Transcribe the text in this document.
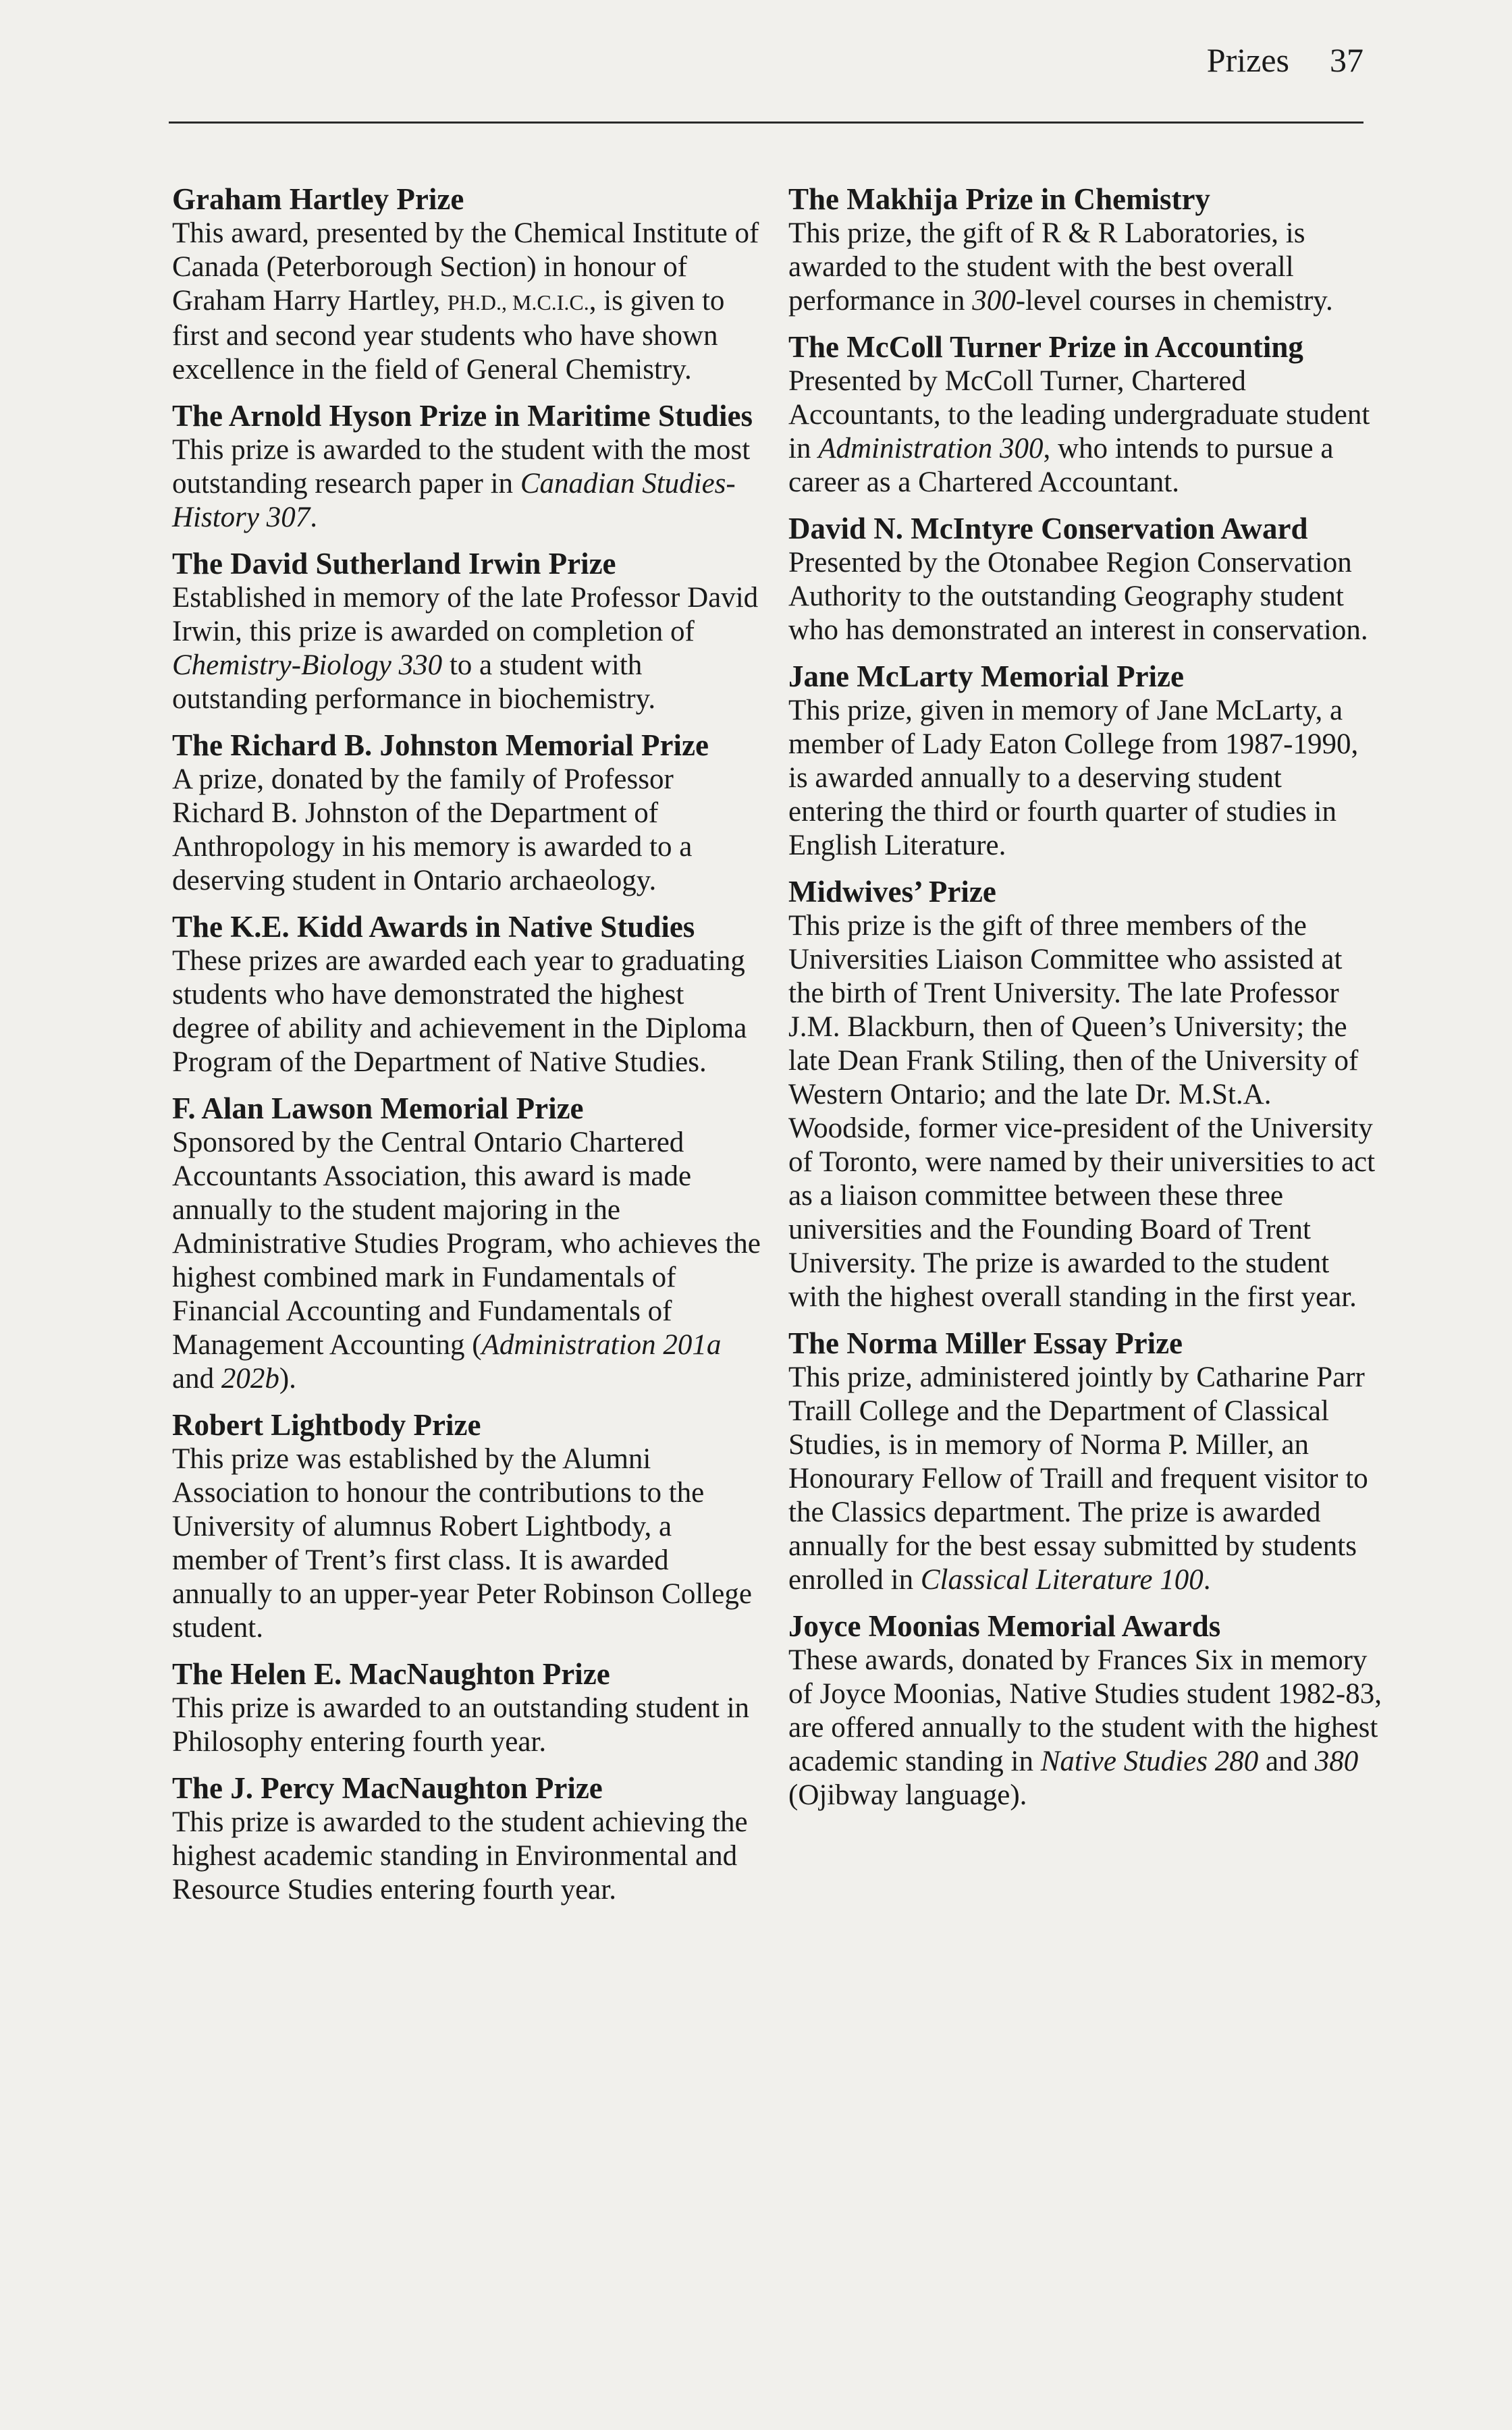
Prizes 37
Graham Hartley Prize

This award, presented by the Chemical Institute of Canada (Peterborough Section) in honour of Graham Harry Hartley, PH.D., M.C.I.C., is given to first and second year students who have shown excellence in the field of General Chemistry.

The Arnold Hyson Prize in Maritime Studies

This prize is awarded to the student with the most outstanding research paper in Canadian Studies-History 307.

The David Sutherland Irwin Prize

Established in memory of the late Professor David Irwin, this prize is awarded on completion of Chemistry-Biology 330 to a student with outstanding performance in biochemistry.

The Richard B. Johnston Memorial Prize

A prize, donated by the family of Professor Richard B. Johnston of the Department of Anthropology in his memory is awarded to a deserving student in Ontario archaeology.

The K.E. Kidd Awards in Native Studies

These prizes are awarded each year to graduating students who have demonstrated the highest degree of ability and achievement in the Diploma Program of the Department of Native Studies.

F. Alan Lawson Memorial Prize

Sponsored by the Central Ontario Chartered Accountants Association, this award is made annually to the student majoring in the Administrative Studies Program, who achieves the highest combined mark in Fundamentals of Financial Accounting and Fundamentals of Management Accounting (Administration 201a and 202b).

Robert Lightbody Prize

This prize was established by the Alumni Association to honour the contributions to the University of alumnus Robert Lightbody, a member of Trent’s first class. It is awarded annually to an upper-year Peter Robinson College student.

The Helen E. MacNaughton Prize

This prize is awarded to an outstanding student in Philosophy entering fourth year.

The J. Percy MacNaughton Prize

This prize is awarded to the student achieving the highest academic standing in Environmental and Resource Studies entering fourth year.

The Makhija Prize in Chemistry

This prize, the gift of R & R Laboratories, is awarded to the student with the best overall performance in 300-level courses in chemistry.

The McColl Turner Prize in Accounting

Presented by McColl Turner, Chartered Accountants, to the leading undergraduate student in Administration 300, who intends to pursue a career as a Chartered Accountant.

David N. McIntyre Conservation Award

Presented by the Otonabee Region Conservation Authority to the outstanding Geography student who has demonstrated an interest in conservation.

Jane McLarty Memorial Prize

This prize, given in memory of Jane McLarty, a member of Lady Eaton College from 1987-1990, is awarded annually to a deserving student entering the third or fourth quarter of studies in English Literature.

Midwives’ Prize

This prize is the gift of three members of the Universities Liaison Committee who assisted at the birth of Trent University. The late Professor J.M. Blackburn, then of Queen’s University; the late Dean Frank Stiling, then of the University of Western Ontario; and the late Dr. M.St.A. Woodside, former vice-president of the University of Toronto, were named by their universities to act as a liaison committee between these three universities and the Founding Board of Trent University. The prize is awarded to the student with the highest overall standing in the first year.

The Norma Miller Essay Prize

This prize, administered jointly by Catharine Parr Traill College and the Department of Classical Studies, is in memory of Norma P. Miller, an Honourary Fellow of Traill and frequent visitor to the Classics department. The prize is awarded annually for the best essay submitted by students enrolled in Classical Literature 100.

Joyce Moonias Memorial Awards

These awards, donated by Frances Six in memory of Joyce Moonias, Native Studies student 1982-83, are offered annually to the student with the highest academic standing in Native Studies 280 and 380 (Ojibway language).
